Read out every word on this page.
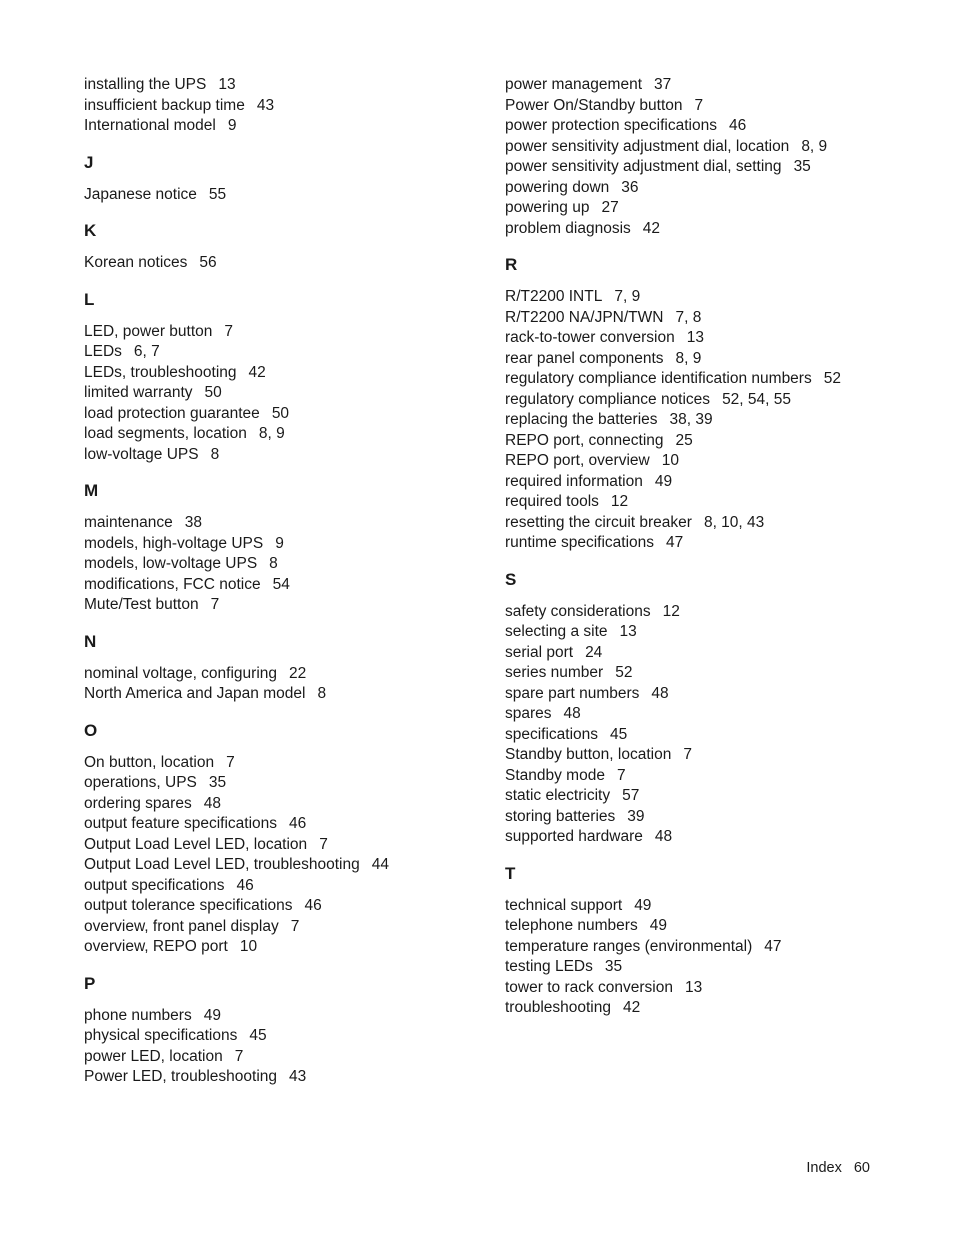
installing the UPS 13
insufficient backup time 43
International model 9
J
Japanese notice 55
K
Korean notices 56
L
LED, power button 7
LEDs 6, 7
LEDs, troubleshooting 42
limited warranty 50
load protection guarantee 50
load segments, location 8, 9
low-voltage UPS 8
M
maintenance 38
models, high-voltage UPS 9
models, low-voltage UPS 8
modifications, FCC notice 54
Mute/Test button 7
N
nominal voltage, configuring 22
North America and Japan model 8
O
On button, location 7
operations, UPS 35
ordering spares 48
output feature specifications 46
Output Load Level LED, location 7
Output Load Level LED, troubleshooting 44
output specifications 46
output tolerance specifications 46
overview, front panel display 7
overview, REPO port 10
P
phone numbers 49
physical specifications 45
power LED, location 7
Power LED, troubleshooting 43
power management 37
Power On/Standby button 7
power protection specifications 46
power sensitivity adjustment dial, location 8, 9
power sensitivity adjustment dial, setting 35
powering down 36
powering up 27
problem diagnosis 42
R
R/T2200 INTL 7, 9
R/T2200 NA/JPN/TWN 7, 8
rack-to-tower conversion 13
rear panel components 8, 9
regulatory compliance identification numbers 52
regulatory compliance notices 52, 54, 55
replacing the batteries 38, 39
REPO port, connecting 25
REPO port, overview 10
required information 49
required tools 12
resetting the circuit breaker 8, 10, 43
runtime specifications 47
S
safety considerations 12
selecting a site 13
serial port 24
series number 52
spare part numbers 48
spares 48
specifications 45
Standby button, location 7
Standby mode 7
static electricity 57
storing batteries 39
supported hardware 48
T
technical support 49
telephone numbers 49
temperature ranges (environmental) 47
testing LEDs 35
tower to rack conversion 13
troubleshooting 42
Index 60
